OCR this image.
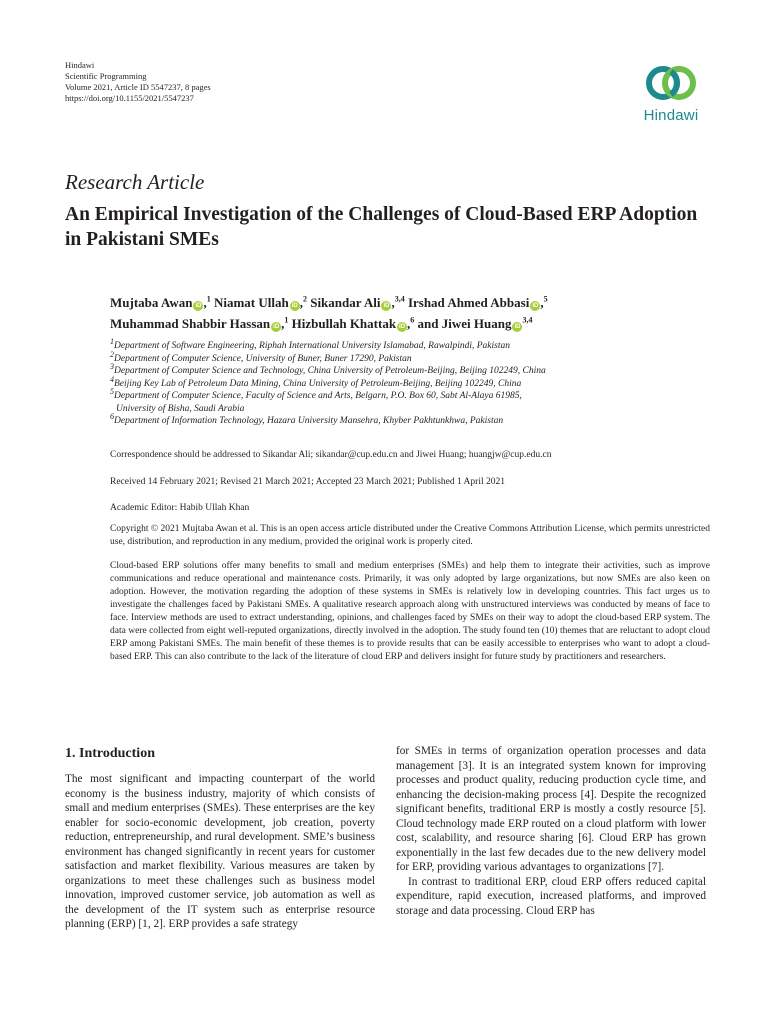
Hindawi
Scientific Programming
Volume 2021, Article ID 5547237, 8 pages
https://doi.org/10.1155/2021/5547237
Hindawi
Research Article
An Empirical Investigation of the Challenges of Cloud-Based ERP Adoption in Pakistani SMEs
Mujtaba Awan iD ,$^1$ Niamat Ullah iD ,$^2$ Sikandar Ali iD ,$^{3,4}$ Irshad Ahmed Abbasi iD ,$^5$ Muhammad Shabbir Hassan iD ,$^1$ Hizbullah Khattak iD ,$^6$ and Jiwei Huang iD$^{3,4}$
$^1$Department of Software Engineering, Riphah International University Islamabad, Rawalpindi, Pakistan
$^2$Department of Computer Science, University of Buner, Buner 17290, Pakistan
$^3$Department of Computer Science and Technology, China University of Petroleum-Beijing, Beijing 102249, China
$^4$Beijing Key Lab of Petroleum Data Mining, China University of Petroleum-Beijing, Beijing 102249, China
$^5$Department of Computer Science, Faculty of Science and Arts, Belgarn, P.O. Box 60, Sabt Al-Alaya 61985,
University of Bisha, Saudi Arabia
$^6$Department of Information Technology, Hazara University Mansehra, Khyber Pakhtunkhwa, Pakistan
Correspondence should be addressed to Sikandar Ali; sikandar@cup.edu.cn and Jiwei Huang; huangjw@cup.edu.cn
Received 14 February 2021; Revised 21 March 2021; Accepted 23 March 2021; Published 1 April 2021
Academic Editor: Habib Ullah Khan
Copyright © 2021 Mujtaba Awan et al. This is an open access article distributed under the Creative Commons Attribution License, which permits unrestricted use, distribution, and reproduction in any medium, provided the original work is properly cited.
Cloud-based ERP solutions offer many benefits to small and medium enterprises (SMEs) and help them to integrate their activities, such as improve communications and reduce operational and maintenance costs. Primarily, it was only adopted by large organizations, but now SMEs are also keen on adoption. However, the motivation regarding the adoption of these systems in SMEs is relatively low in developing countries. This fact urges us to investigate the challenges faced by Pakistani SMEs. A qualitative research approach along with unstructured interviews was conducted by means of face to face. Interview methods are used to extract understanding, opinions, and challenges faced by SMEs on their way to adopt the cloud-based ERP system. The data were collected from eight well-reputed organizations, directly involved in the adoption. The study found ten (10) themes that are reluctant to adopt cloud ERP among Pakistani SMEs. The main benefit of these themes is to provide results that can be easily accessible to enterprises who want to adopt a cloud-based ERP. This can also contribute to the lack of the literature of cloud ERP and delivers insight for future study by practitioners and researchers.
1. Introduction

The most significant and impacting counterpart of the world economy is the business industry, majority of which consists of small and medium enterprises (SMEs). These enterprises are the key enabler for socio-economic development, job creation, poverty reduction, entrepreneurship, and rural development. SME’s business environment has changed significantly in recent years for customer satisfaction and market flexibility. Various measures are taken by organizations to meet these challenges such as business model innovation, improved customer service, job automation as well as the development of the IT system such as enterprise resource planning (ERP) [1, 2]. ERP provides a safe strategy

for SMEs in terms of organization operation processes and data management [3]. It is an integrated system known for improving processes and product quality, reducing production cycle time, and enhancing the decision-making process [4]. Despite the recognized significant benefits, traditional ERP is mostly a costly resource [5]. Cloud technology made ERP routed on a cloud platform with lower cost, scalability, and resource sharing [6]. Cloud ERP has grown exponentially in the last few decades due to the new delivery model for ERP, providing various advantages to organizations [7].

In contrast to traditional ERP, cloud ERP offers reduced capital expenditure, rapid execution, increased platforms, and improved storage and data processing. Cloud ERP has
